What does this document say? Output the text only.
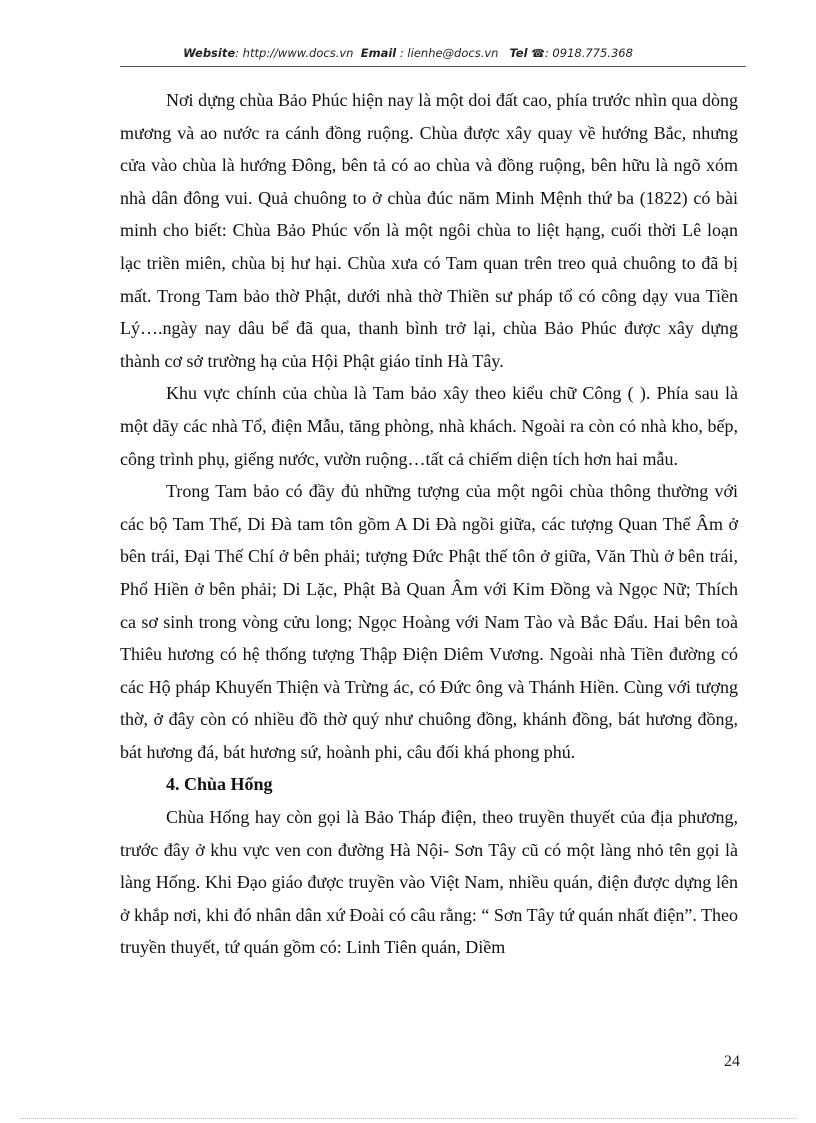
Website: http://www.docs.vn Email : lienhe@docs.vn Tel ☎: 0918.775.368

Nơi dựng chùa Bảo Phúc hiện nay là một doi đất cao, phía trước nhìn qua dòng mương và ao nước ra cánh đồng ruộng. Chùa được xây quay về hướng Bắc, nhưng cửa vào chùa là hướng Đông, bên tả có ao chùa và đồng ruộng, bên hữu là ngõ xóm nhà dân đông vui. Quả chuông to ở chùa đúc năm Minh Mệnh thứ ba (1822) có bài minh cho biết: Chùa Bảo Phúc vốn là một ngôi chùa to liệt hạng, cuối thời Lê loạn lạc triền miên, chùa bị hư hại. Chùa xưa có Tam quan trên treo quả chuông to đã bị mất. Trong Tam bảo thờ Phật, dưới nhà thờ Thiền sư pháp tổ có công dạy vua Tiền Lý….ngày nay dâu bể đã qua, thanh bình trở lại, chùa Bảo Phúc được xây dựng thành cơ sở trường hạ của Hội Phật giáo tỉnh Hà Tây.

Khu vực chính của chùa là Tam bảo xây theo kiểu chữ Công ( ). Phía sau là một dãy các nhà Tổ, điện Mẫu, tăng phòng, nhà khách. Ngoài ra còn có nhà kho, bếp, công trình phụ, giếng nước, vườn ruộng…tất cả chiếm diện tích hơn hai mẫu.

Trong Tam bảo có đầy đủ những tượng của một ngôi chùa thông thường với các bộ Tam Thế, Di Đà tam tôn gồm A Di Đà ngồi giữa, các tượng Quan Thế Âm ở bên trái, Đại Thế Chí ở bên phải; tượng Đức Phật thế tôn ở giữa, Văn Thù ở bên trái, Phổ Hiền ở bên phải; Di Lặc, Phật Bà Quan Âm với Kim Đồng và Ngọc Nữ; Thích ca sơ sinh trong vòng cửu long; Ngọc Hoàng với Nam Tào và Bắc Đẩu. Hai bên toà Thiêu hương có hệ thống tượng Thập Điện Diêm Vương. Ngoài nhà Tiền đường có các Hộ pháp Khuyến Thiện và Trừng ác, có Đức ông và Thánh Hiền. Cùng với tượng thờ, ở đây còn có nhiều đồ thờ quý như chuông đồng, khánh đồng, bát hương đồng, bát hương đá, bát hương sứ, hoành phi, câu đối khá phong phú.

4. Chùa Hống

Chùa Hống hay còn gọi là Bảo Tháp điện, theo truyền thuyết của địa phương, trước đây ở khu vực ven con đường Hà Nội- Sơn Tây cũ có một làng nhỏ tên gọi là làng Hống. Khi Đạo giáo được truyền vào Việt Nam, nhiều quán, điện được dựng lên ở khắp nơi, khi đó nhân dân xứ Đoài có câu rằng: “ Sơn Tây tứ quán nhất điện”. Theo truyền thuyết, tứ quán gồm có: Linh Tiên quán, Diềm

24
